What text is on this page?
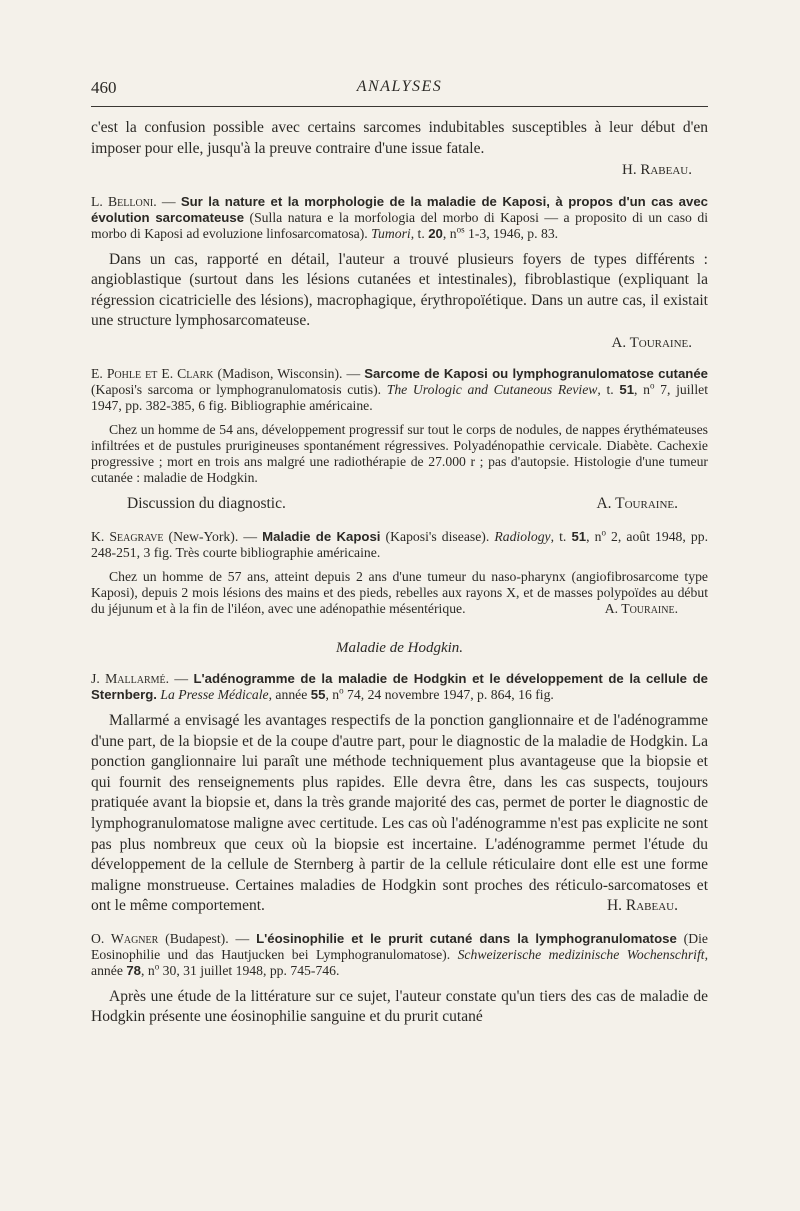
460	ANALYSES

c'est la confusion possible avec certains sarcomes indubitables susceptibles à leur début d'en imposer pour elle, jusqu'à la preuve contraire d'une issue fatale.

H. Rabeau.

L. Belloni. — Sur la nature et la morphologie de la maladie de Kaposi, à propos d'un cas avec évolution sarcomateuse (Sulla natura e la morfologia del morbo di Kaposi — a proposito di un caso di morbo di Kaposi ad evoluzione linfosarcomatosa). Tumori, t. 20, $n^{os}$ 1-3, 1946, p. 83.

Dans un cas, rapporté en détail, l'auteur a trouvé plusieurs foyers de types différents : angioblastique (surtout dans les lésions cutanées et intestinales), fibroblastique (expliquant la régression cicatricielle des lésions), macrophagique, érythropoïétique. Dans un autre cas, il existait une structure lymphosarcomateuse.

A. Touraine.

E. Pohle et E. Clark (Madison, Wisconsin). — Sarcome de Kaposi ou lymphogranulomatose cutanée (Kaposi's sarcoma or lymphogranulomatosis cutis). The Urologic and Cutaneous Review, t. 51, $n^o$ 7, juillet 1947, pp. 382-385, 6 fig. Bibliographie américaine.

Chez un homme de 54 ans, développement progressif sur tout le corps de nodules, de nappes érythémateuses infiltrées et de pustules prurigineuses spontanément régressives. Polyadénopathie cervicale. Diabète. Cachexie progressive ; mort en trois ans malgré une radiothérapie de 27.000 r ; pas d'autopsie. Histologie d'une tumeur cutanée : maladie de Hodgkin.

Discussion du diagnostic.	A. Touraine.

K. Seagrave (New-York). — Maladie de Kaposi (Kaposi's disease). Radiology, t. 51, $n^o$ 2, août 1948, pp. 248-251, 3 fig. Très courte bibliographie américaine.

Chez un homme de 57 ans, atteint depuis 2 ans d'une tumeur du naso-pharynx (angiofibrosarcome type Kaposi), depuis 2 mois lésions des mains et des pieds, rebelles aux rayons X, et de masses polypoïdes au début du jéjunum et à la fin de l'iléon, avec une adénopathie mésentérique.	A. Touraine.

Maladie de Hodgkin.

J. Mallarmé. — L'adénogramme de la maladie de Hodgkin et le développement de la cellule de Sternberg. La Presse Médicale, année 55, $n^o$ 74, 24 novembre 1947, p. 864, 16 fig.

Mallarmé a envisagé les avantages respectifs de la ponction ganglionnaire et de l'adénogramme d'une part, de la biopsie et de la coupe d'autre part, pour le diagnostic de la maladie de Hodgkin. La ponction ganglionnaire lui paraît une méthode techniquement plus avantageuse que la biopsie et qui fournit des renseignements plus rapides. Elle devra être, dans les cas suspects, toujours pratiquée avant la biopsie et, dans la très grande majorité des cas, permet de porter le diagnostic de lymphogranulomatose maligne avec certitude. Les cas où l'adénogramme n'est pas explicite ne sont pas plus nombreux que ceux où la biopsie est incertaine. L'adénogramme permet l'étude du développement de la cellule de Sternberg à partir de la cellule réticulaire dont elle est une forme maligne monstrueuse. Certaines maladies de Hodgkin sont proches des réticulo-sarcomatoses et ont le même comportement.	H. Rabeau.

O. Wagner (Budapest). — L'éosinophilie et le prurit cutané dans la lymphogranulomatose (Die Eosinophilie und das Hautjucken bei Lymphogranulomatose). Schweizerische medizinische Wochenschrift, année 78, $n^o$ 30, 31 juillet 1948, pp. 745-746.

Après une étude de la littérature sur ce sujet, l'auteur constate qu'un tiers des cas de maladie de Hodgkin présente une éosinophilie sanguine et du prurit cutané
